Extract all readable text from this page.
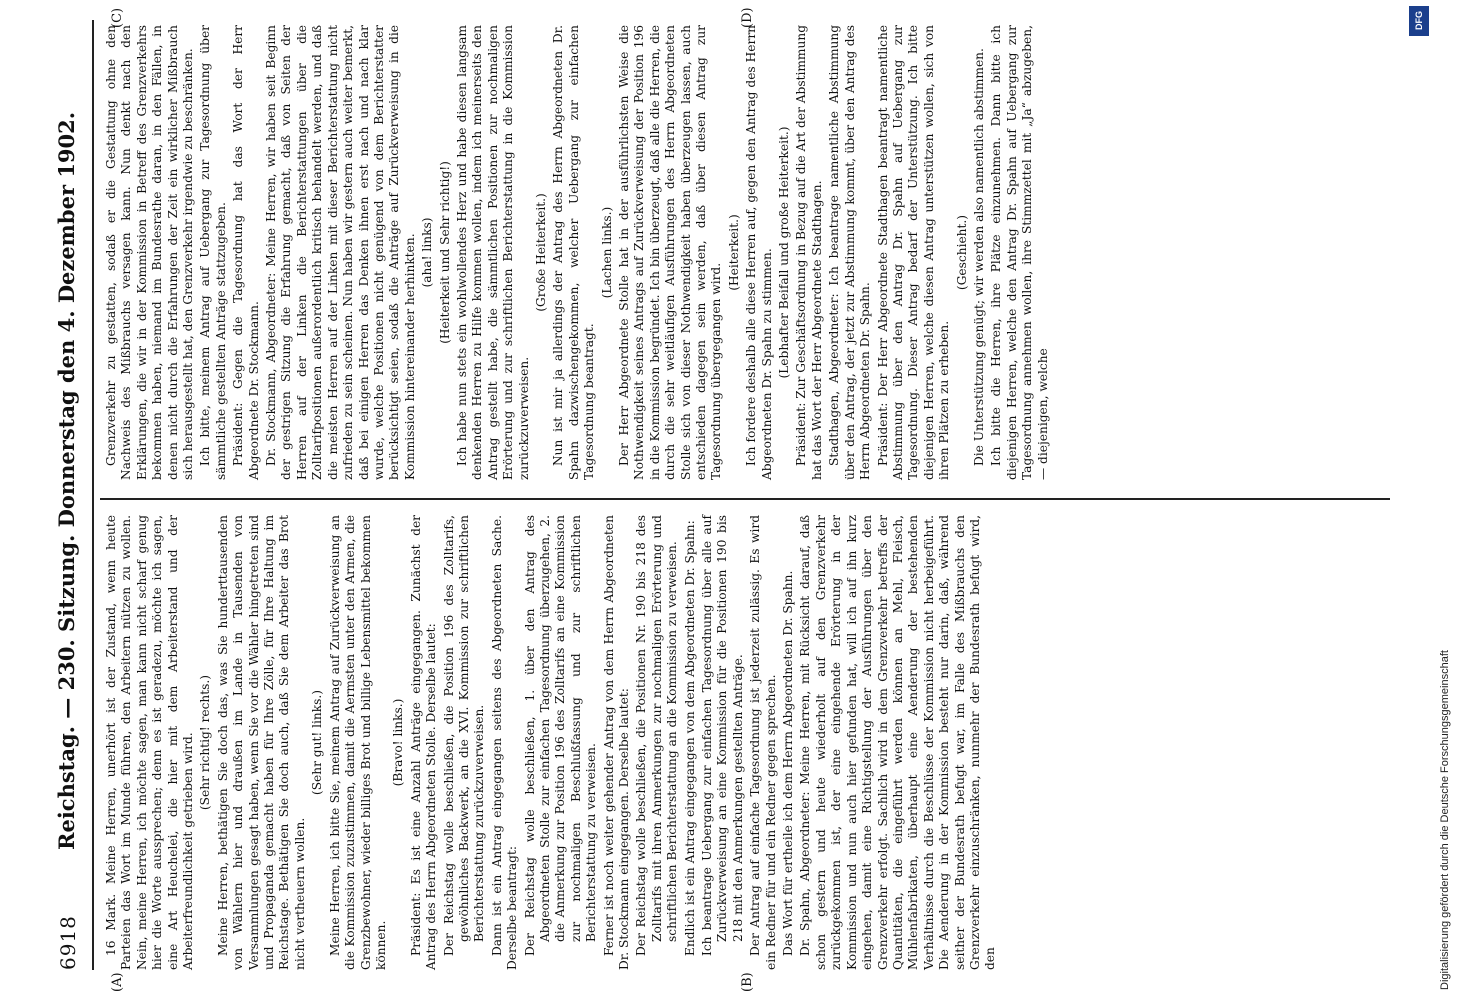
6918
Reichstag. — 230. Sitzung. Donnerstag den 4. Dezember 1902.
(A)	(B)
(C)	(D)

16 Mark. Meine Herren, unerhört ist der Zustand, wenn heute Parteien das Wort im Munde führen, den Arbeitern nützen zu wollen. Nein, meine Herren, ich möchte sagen, man kann nicht scharf genug hier die Worte aussprechen; denn es ist geradezu, möchte ich sagen, eine Art Heuchelei, die hier mit dem Arbeiterstand und der Arbeiterfreundlichkeit getrieben wird. (Sehr richtig! rechts.) Meine Herren, bethätigen Sie doch das, was Sie hunderttausenden von Wählern hier und draußen im Lande in Tausenden von Versammlungen gesagt haben, wenn Sie vor die Wähler hingetreten sind und Propaganda gemacht haben für Ihre Zölle, für Ihre Haltung im Reichstage. Bethätigen Sie doch auch, daß Sie dem Arbeiter das Brot nicht vertheuern wollen.

(Sehr gut! links.) Meine Herren, ich bitte Sie, meinem Antrag auf Zurückverweisung an die Kommission zuzustimmen, damit die Aermsten unter den Armen, die Grenzbewohner, wieder billiges Brot und billige Lebensmittel bekommen können.

(Bravo! links.) Präsident: Es ist eine Anzahl Anträge eingegangen. Zunächst der Antrag des Herrn Abgeordneten Stolle. Derselbe lautet: Der Reichstag wolle beschließen, die Position 196 des Zolltarifs, gewöhnliches Backwerk, an die XVI. Kommission zur schriftlichen Berichterstattung zurückzuverweisen. Dann ist ein Antrag eingegangen seitens des Abgeordneten Sache. Derselbe beantragt: Der Reichstag wolle beschließen, 1. über den Antrag des Abgeordneten Stolle zur einfachen Tagesordnung überzugehen, 2. die Anmerkung zur Position 196 des Zolltarifs an eine Kommission zur nochmaligen Beschlußfassung und zur schriftlichen Berichterstattung zu verweisen. Ferner ist noch weiter gehender Antrag von dem Herrn Abgeordneten Dr. Stockmann eingegangen. Derselbe lautet: Der Reichstag wolle beschließen, die Positionen Nr. 190 bis 218 des Zolltarifs mit ihren Anmerkungen zur nochmaligen Erörterung und schriftlichen Berichterstattung an die Kommission zu verweisen. Endlich ist ein Antrag eingegangen von dem Abgeordneten Dr. Spahn: Ich beantrage Uebergang zur einfachen Tagesordnung über alle auf Zurückverweisung an eine Kommission für die Positionen 190 bis 218 mit den Anmerkungen gestellten Anträge. Der Antrag auf einfache Tagesordnung ist jederzeit zulässig. Es wird ein Redner für und ein Redner gegen sprechen. Das Wort für ertheile ich dem Herrn Abgeordneten Dr. Spahn. Dr. Spahn, Abgeordneter: Meine Herren, mit Rücksicht darauf, daß schon gestern und heute wiederholt auf den Grenzverkehr zurückgekommen ist, der eine eingehende Erörterung in der Kommission und nun auch hier gefunden hat, will ich auf ihn kurz eingehen, damit eine Richtigstellung der Ausführungen über den Grenzverkehr erfolgt. Sachlich wird in dem Grenzverkehr betreffs der Quantitäten, die eingeführt werden können an Mehl, Fleisch, Mühlenfabrikaten, überhaupt eine Aenderung der bestehenden Verhältnisse durch die Beschlüsse der Kommission nicht herbeigeführt. Die Aenderung in der Kommission besteht nur darin, daß, während seither der Bundesrath befugt war, im Falle des Mißbrauchs den Grenzverkehr einzuschränken, nunmehr der Bundesrath befugt wird, den

Grenzverkehr zu gestatten, sodaß er die Gestattung ohne den Nachweis des Mißbrauchs versagen kann. Nun denkt nach den Erklärungen, die wir in der Kommission in Betreff des Grenzverkehrs bekommen haben, niemand im Bundesrathe daran, in den Fällen, in denen nicht durch die Erfahrungen der Zeit ein wirklicher Mißbrauch sich herausgestellt hat, den Grenzverkehr irgendwie zu beschränken. Ich bitte, meinem Antrag auf Uebergang zur Tagesordnung über sämmtliche gestellten Anträge stattzugeben. Präsident: Gegen die Tagesordnung hat das Wort der Herr Abgeordnete Dr. Stockmann. Dr. Stockmann, Abgeordneter: Meine Herren, wir haben seit Beginn der gestrigen Sitzung die Erfahrung gemacht, daß von Seiten der Herren auf der Linken die Berichterstattungen über die Zolltarifpositionen außerordentlich kritisch behandelt werden, und daß die meisten Herren auf der Linken mit dieser Berichterstattung nicht zufrieden zu sein scheinen. Nun haben wir gestern auch weiter bemerkt, daß bei einigen Herren das Denken ihnen erst nach und nach klar wurde, welche Positionen nicht genügend von dem Berichterstatter berücksichtigt seien, sodaß die Anträge auf Zurückverweisung in die Kommission hintereinander herhinkten. (aha! links) (Heiterkeit und Sehr richtig!) Ich habe nun stets ein wohlwollendes Herz und habe diesen langsam denkenden Herren zu Hilfe kommen wollen, indem ich meinerseits den Antrag gestellt habe, die sämmtlichen Positionen zur nochmaligen Erörterung und zur schriftlichen Berichterstattung in die Kommission zurückzuverweisen.

(Große Heiterkeit.) Nun ist mir ja allerdings der Antrag des Herrn Abgeordneten Dr. Spahn dazwischengekommen, welcher Uebergang zur einfachen Tagesordnung beantragt.

(Lachen links.) Der Herr Abgeordnete Stolle hat in der ausführlichsten Weise die Nothwendigkeit seines Antrags auf Zurückverweisung der Position 196 in die Kommission begründet. Ich bin überzeugt, daß alle die Herren, die durch die sehr weitläufigen Ausführungen des Herrn Abgeordneten Stolle sich von dieser Nothwendigkeit haben überzeugen lassen, auch entschieden dagegen sein werden, daß über diesen Antrag zur Tagesordnung übergegangen wird.

(Heiterkeit.) Ich fordere deshalb alle diese Herren auf, gegen den Antrag des Herrn Abgeordneten Dr. Spahn zu stimmen. (Lebhafter Beifall und große Heiterkeit.) Präsident: Zur Geschäftsordnung in Bezug auf die Art der Abstimmung hat das Wort der Herr Abgeordnete Stadthagen. Stadthagen, Abgeordneter: Ich beantrage namentliche Abstimmung über den Antrag, der jetzt zur Abstimmung kommt, über den Antrag des Herrn Abgeordneten Dr. Spahn. Präsident: Der Herr Abgeordnete Stadthagen beantragt namentliche Abstimmung über den Antrag Dr. Spahn auf Uebergang zur Tagesordnung. Dieser Antrag bedarf der Unterstützung. Ich bitte diejenigen Herren, welche diesen Antrag unterstützen wollen, sich von ihren Plätzen zu erheben.

(Geschieht.) Die Unterstützung genügt; wir werden also namentlich abstimmen. Ich bitte die Herren, ihre Plätze einzunehmen. Dann bitte ich diejenigen Herren, welche den Antrag Dr. Spahn auf Uebergang zur Tagesordnung annehmen wollen, ihre Stimmzettel mit „Ja“ abzugeben, — diejenigen, welche

Digitalisierung gefördert durch die Deutsche Forschungsgemeinschaft
DFG
